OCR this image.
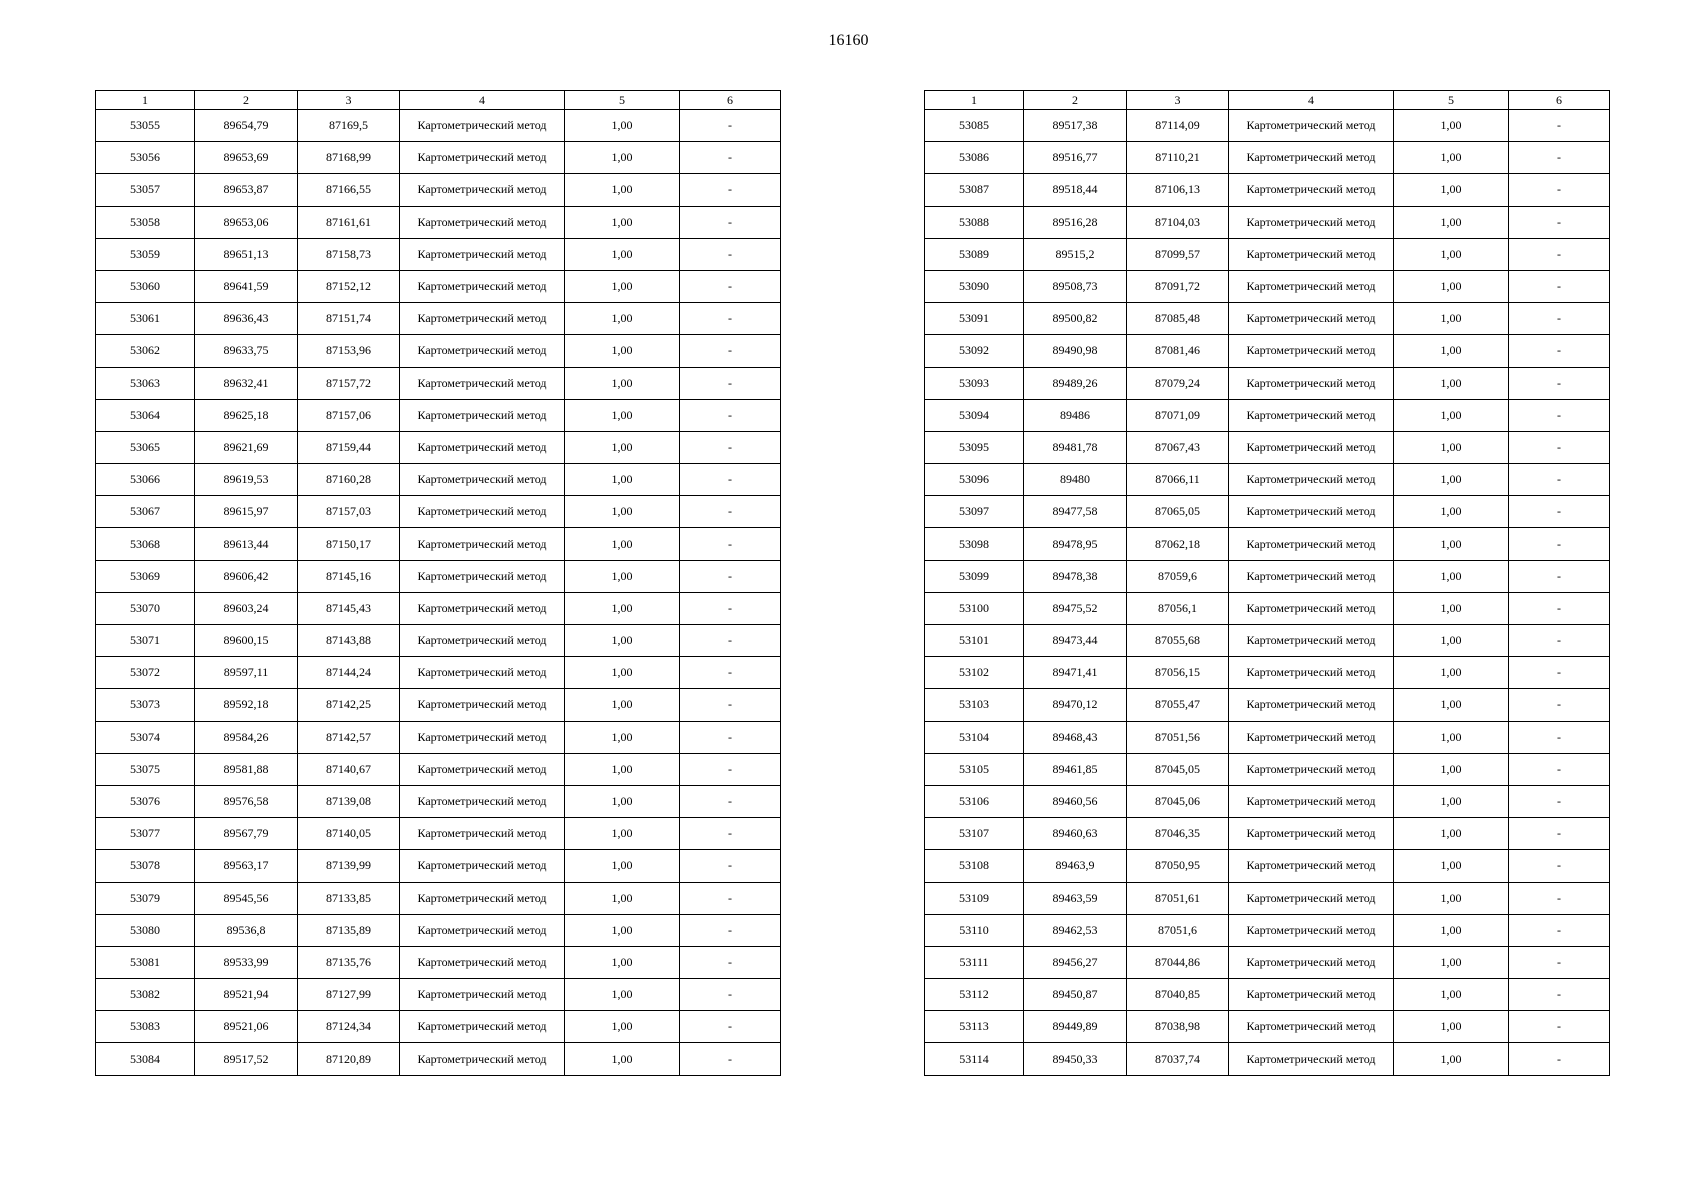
16160
1	2	3	4	5	6
53055	89654,79	87169,5	Картометрический метод	1,00	-
53056	89653,69	87168,99	Картометрический метод	1,00	-
53057	89653,87	87166,55	Картометрический метод	1,00	-
53058	89653,06	87161,61	Картометрический метод	1,00	-
53059	89651,13	87158,73	Картометрический метод	1,00	-
53060	89641,59	87152,12	Картометрический метод	1,00	-
53061	89636,43	87151,74	Картометрический метод	1,00	-
53062	89633,75	87153,96	Картометрический метод	1,00	-
53063	89632,41	87157,72	Картометрический метод	1,00	-
53064	89625,18	87157,06	Картометрический метод	1,00	-
53065	89621,69	87159,44	Картометрический метод	1,00	-
53066	89619,53	87160,28	Картометрический метод	1,00	-
53067	89615,97	87157,03	Картометрический метод	1,00	-
53068	89613,44	87150,17	Картометрический метод	1,00	-
53069	89606,42	87145,16	Картометрический метод	1,00	-
53070	89603,24	87145,43	Картометрический метод	1,00	-
53071	89600,15	87143,88	Картометрический метод	1,00	-
53072	89597,11	87144,24	Картометрический метод	1,00	-
53073	89592,18	87142,25	Картометрический метод	1,00	-
53074	89584,26	87142,57	Картометрический метод	1,00	-
53075	89581,88	87140,67	Картометрический метод	1,00	-
53076	89576,58	87139,08	Картометрический метод	1,00	-
53077	89567,79	87140,05	Картометрический метод	1,00	-
53078	89563,17	87139,99	Картометрический метод	1,00	-
53079	89545,56	87133,85	Картометрический метод	1,00	-
53080	89536,8	87135,89	Картометрический метод	1,00	-
53081	89533,99	87135,76	Картометрический метод	1,00	-
53082	89521,94	87127,99	Картометрический метод	1,00	-
53083	89521,06	87124,34	Картометрический метод	1,00	-
53084	89517,52	87120,89	Картометрический метод	1,00	-
1	2	3	4	5	6
53085	89517,38	87114,09	Картометрический метод	1,00	-
53086	89516,77	87110,21	Картометрический метод	1,00	-
53087	89518,44	87106,13	Картометрический метод	1,00	-
53088	89516,28	87104,03	Картометрический метод	1,00	-
53089	89515,2	87099,57	Картометрический метод	1,00	-
53090	89508,73	87091,72	Картометрический метод	1,00	-
53091	89500,82	87085,48	Картометрический метод	1,00	-
53092	89490,98	87081,46	Картометрический метод	1,00	-
53093	89489,26	87079,24	Картометрический метод	1,00	-
53094	89486	87071,09	Картометрический метод	1,00	-
53095	89481,78	87067,43	Картометрический метод	1,00	-
53096	89480	87066,11	Картометрический метод	1,00	-
53097	89477,58	87065,05	Картометрический метод	1,00	-
53098	89478,95	87062,18	Картометрический метод	1,00	-
53099	89478,38	87059,6	Картометрический метод	1,00	-
53100	89475,52	87056,1	Картометрический метод	1,00	-
53101	89473,44	87055,68	Картометрический метод	1,00	-
53102	89471,41	87056,15	Картометрический метод	1,00	-
53103	89470,12	87055,47	Картометрический метод	1,00	-
53104	89468,43	87051,56	Картометрический метод	1,00	-
53105	89461,85	87045,05	Картометрический метод	1,00	-
53106	89460,56	87045,06	Картометрический метод	1,00	-
53107	89460,63	87046,35	Картометрический метод	1,00	-
53108	89463,9	87050,95	Картометрический метод	1,00	-
53109	89463,59	87051,61	Картометрический метод	1,00	-
53110	89462,53	87051,6	Картометрический метод	1,00	-
53111	89456,27	87044,86	Картометрический метод	1,00	-
53112	89450,87	87040,85	Картометрический метод	1,00	-
53113	89449,89	87038,98	Картометрический метод	1,00	-
53114	89450,33	87037,74	Картометрический метод	1,00	-
